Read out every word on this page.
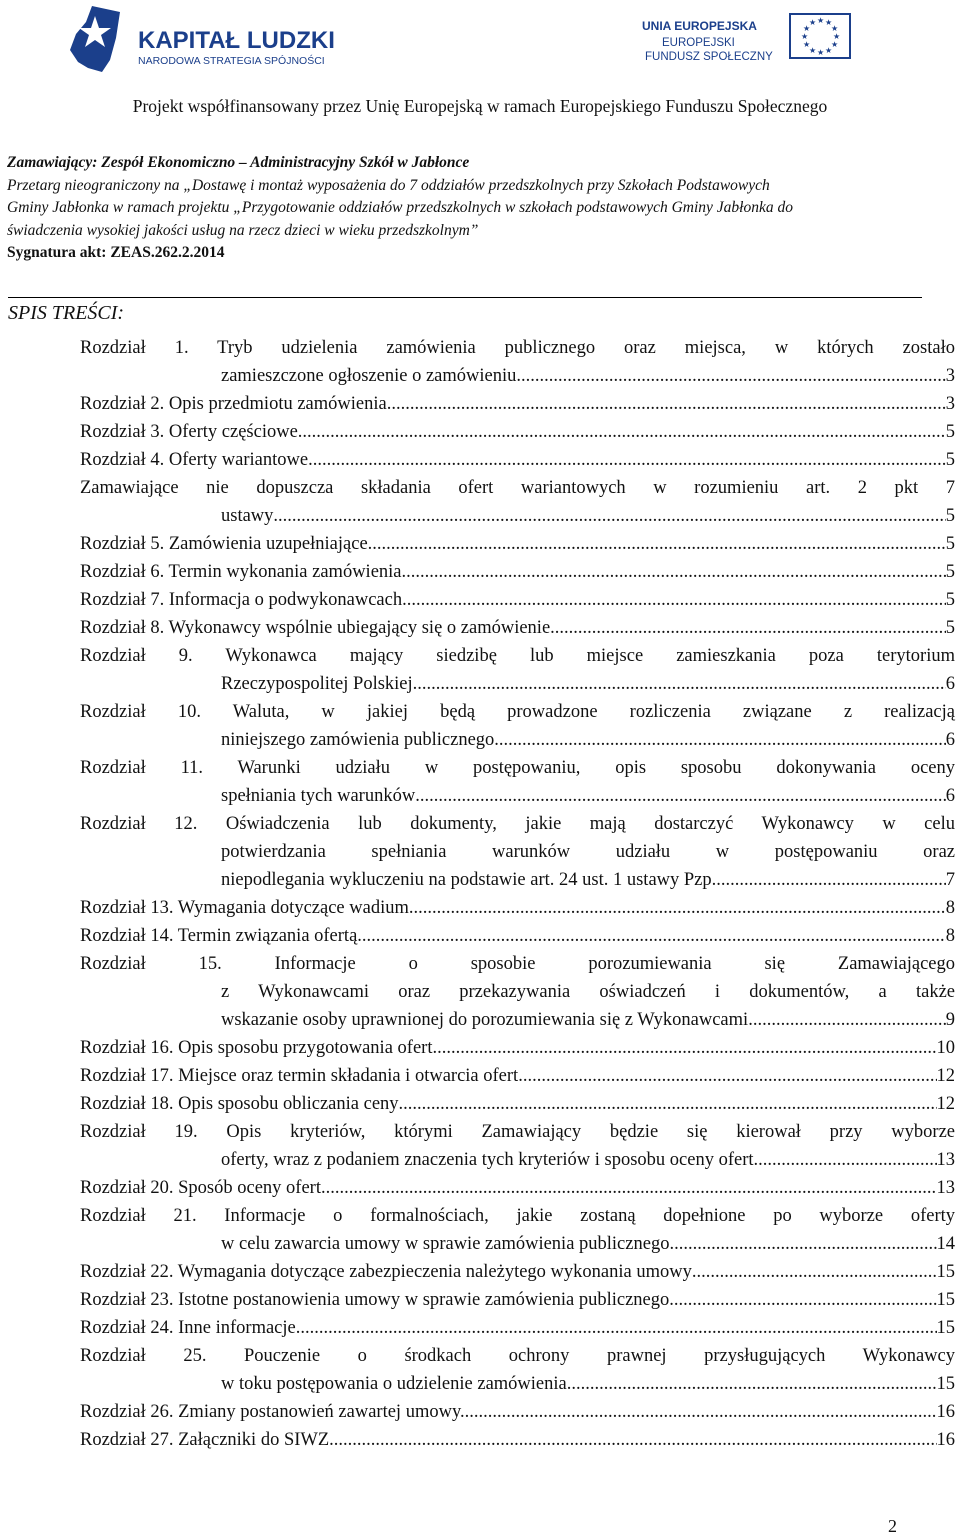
KAPITAŁ LUDZKI
NARODOWA STRATEGIA SPÓJNOŚCI
UNIA EUROPEJSKA
EUROPEJSKI
FUNDUSZ SPOŁECZNY
★ ★
★
★
★
★
★
★
★
★
★
★
Projekt współfinansowany przez Unię Europejską w ramach Europejskiego Funduszu Społecznego
Zamawiający: Zespół Ekonomiczno – Administracyjny Szkół w Jabłonce
Przetarg nieograniczony na „Dostawę i montaż wyposażenia do 7 oddziałów przedszkolnych przy Szkołach Podstawowych
Gminy Jabłonka w ramach projektu „Przygotowanie oddziałów przedszkolnych w szkołach podstawowych Gminy Jabłonka do
świadczenia wysokiej jakości usług na rzecz dzieci w wieku przedszkolnym”
Sygnatura akt: ZEAS.262.2.2014
SPIS TREŚCI:
Rozdział 1. Tryb udzielenia zamówienia publicznego oraz miejsca, w których zostało
zamieszczone ogłoszenie o zamówieniu .....	3
Rozdział 2. Opis przedmiotu zamówienia .....	3
Rozdział 3. Oferty częściowe .....	5
Rozdział 4. Oferty wariantowe .....	5
Zamawiające nie dopuszcza składania ofert wariantowych w rozumieniu art. 2 pkt 7
ustawy .....	5
Rozdział 5. Zamówienia uzupełniające .....	5
Rozdział 6. Termin wykonania zamówienia .....	5
Rozdział 7. Informacja o podwykonawcach .....	5
Rozdział 8. Wykonawcy wspólnie ubiegający się o zamówienie .....	5
Rozdział 9. Wykonawca mający siedzibę lub miejsce zamieszkania poza terytorium
Rzeczypospolitej Polskiej .....	6
Rozdział 10. Waluta, w jakiej będą prowadzone rozliczenia związane z realizacją
niniejszego zamówienia publicznego .....	6
Rozdział 11. Warunki udziału w postępowaniu, opis sposobu dokonywania oceny
spełniania tych warunków .....	6
Rozdział 12. Oświadczenia lub dokumenty, jakie mają dostarczyć Wykonawcy w celu
potwierdzania spełniania warunków udziału w postępowaniu oraz
niepodlegania wykluczeniu na podstawie art. 24 ust. 1 ustawy Pzp .....	7
Rozdział 13. Wymagania dotyczące wadium .....	8
Rozdział 14. Termin związania ofertą .....	8
Rozdział 15. Informacje o sposobie porozumiewania się Zamawiającego
z Wykonawcami oraz przekazywania oświadczeń i dokumentów, a także
wskazanie osoby uprawnionej do porozumiewania się z Wykonawcami .....	9
Rozdział 16. Opis sposobu przygotowania ofert .....	10
Rozdział 17. Miejsce oraz termin składania i otwarcia ofert .....	12
Rozdział 18. Opis sposobu obliczania ceny .....	12
Rozdział 19. Opis kryteriów, którymi Zamawiający będzie się kierował przy wyborze
oferty, wraz z podaniem znaczenia tych kryteriów i sposobu oceny ofert .....	13
Rozdział 20. Sposób oceny ofert .....	13
Rozdział 21. Informacje o formalnościach, jakie zostaną dopełnione po wyborze oferty
w celu zawarcia umowy w sprawie zamówienia publicznego. .....	14
Rozdział 22. Wymagania dotyczące zabezpieczenia należytego wykonania umowy .....	15
Rozdział 23. Istotne postanowienia umowy w sprawie zamówienia publicznego .....	15
Rozdział 24. Inne informacje .....	15
Rozdział 25. Pouczenie o środkach ochrony prawnej przysługujących Wykonawcy
w toku postępowania o udzielenie zamówienia. .....	15
Rozdział 26. Zmiany postanowień zawartej umowy. .....	16
Rozdział 27. Załączniki do SIWZ .....	16
2
